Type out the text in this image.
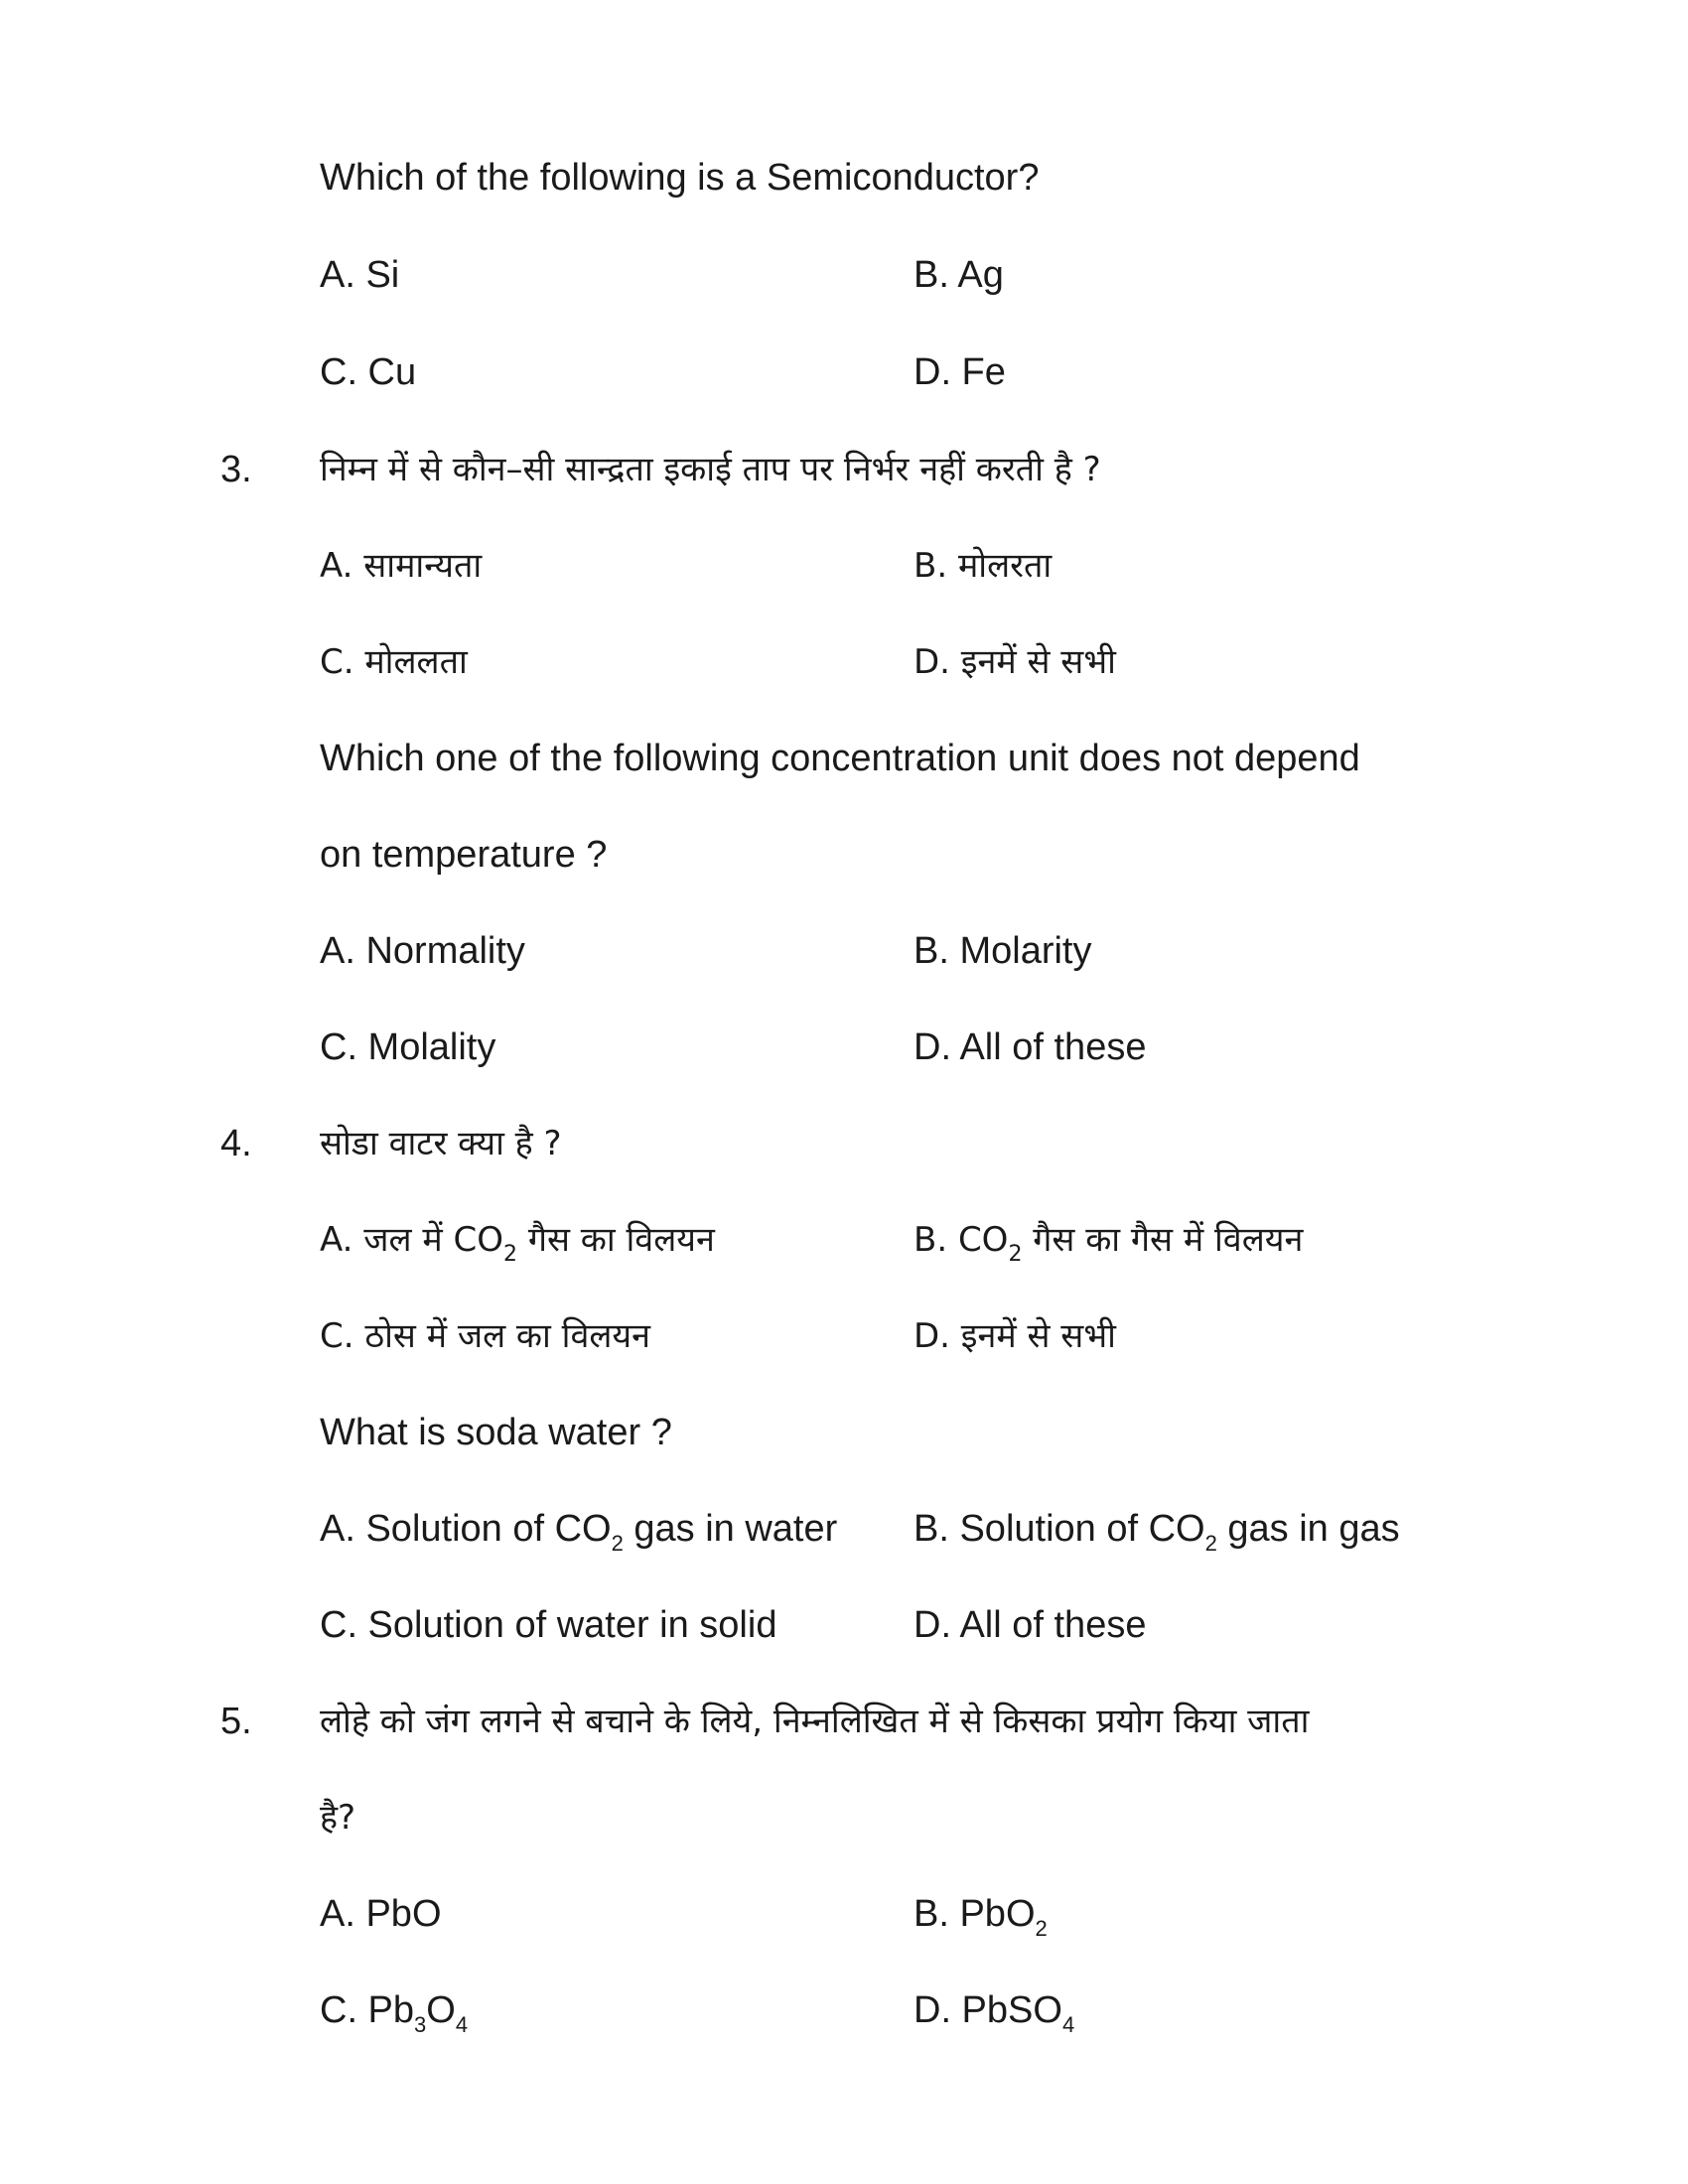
Which of the following is a Semiconductor?
A. Si	B. Ag
C. Cu	D. Fe
3. निम्न में से कौन–सी सान्द्रता इकाई ताप पर निर्भर नहीं करती है ?
A. सामान्यता	B. मोलरता
C. मोललता	D. इनमें से सभी
Which one of the following concentration unit does not depend
on temperature ?
A. Normality	B. Molarity
C. Molality	D. All of these
4. सोडा वाटर क्या है ?
A. जल में $CO_2$ गैस का विलयन	B. $CO_2$ गैस का गैस में विलयन
C. ठोस में जल का विलयन	D. इनमें से सभी
What is soda water ?
A. Solution of $CO_2$ gas in water B. Solution of $CO_2$ gas in gas
C. Solution of water in solid	D. All of these
5. लोहे को जंग लगने से बचाने के लिये, निम्नलिखित में से किसका प्रयोग किया जाता
है?
A. PbO	B. PbO$_2$
C. $Pb_3O_4$	D. PbSO$_4$
